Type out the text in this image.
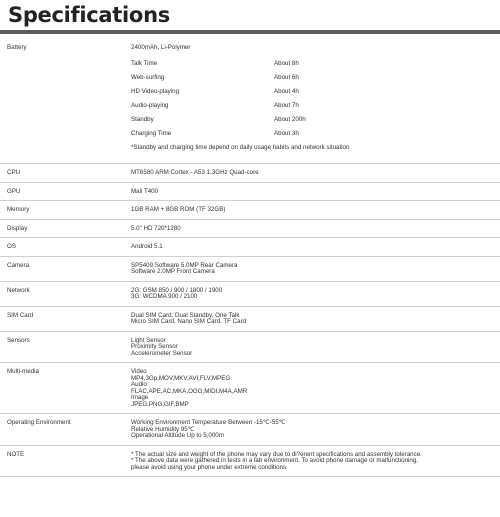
Specifications
Battery	2400mAh, Li-Polymer
Talk Time	About 8h
Web-surfing	About 6h
HD Video-playing	About 4h
Audio-playing	About 7h
Standby	About 200h
Charging Time	About 3h
*Standby and charging time depend on daily usage habits and network situation

CPU	MT6580 ARM Cortex - A53 1.3GHz Quad-core

GPU	Mali T400

Memory	1GB RAM + 8GB ROM (TF 32GB)

Display	5.0" HD 720*1280

OS	Android 5.1

Camera	SP5409 Software 5.0MP Rear Camera
Software 2.0MP Front Camera

Network	2G: GSM 850 / 900 / 1800 / 1900
3G: WCDMA 900 / 2100

SIM Card	Dual SIM Card, Dual Standby, One Talk
Micro SIM Card, Nano SIM Card, TF Card

Sensors	Light Sensor
Proximity Sensor
Accelerometer Sensor

Multi-media	Video
MP4,3Gp,MOV,MKV,AVI,FLV,MPEG
Audio
FLAC,APE,AC,MKA,OGG,MIDI,M4A,AMR
Image
JPEG,PNG,GIF,BMP

Operating Environment	Working Environment Temperature Between -15℃-55℃
Relative Humidity 95℃
Operational Altitude Up to 5,000m

NOTE	* The actual size and weight of the phone may vary due to di?erent specifications and assembly tolerance.
* The above data were gathered in tests in a lab environment. To avoid phone damage or malfunctioning,
please avoid using your phone under extreme conditions
